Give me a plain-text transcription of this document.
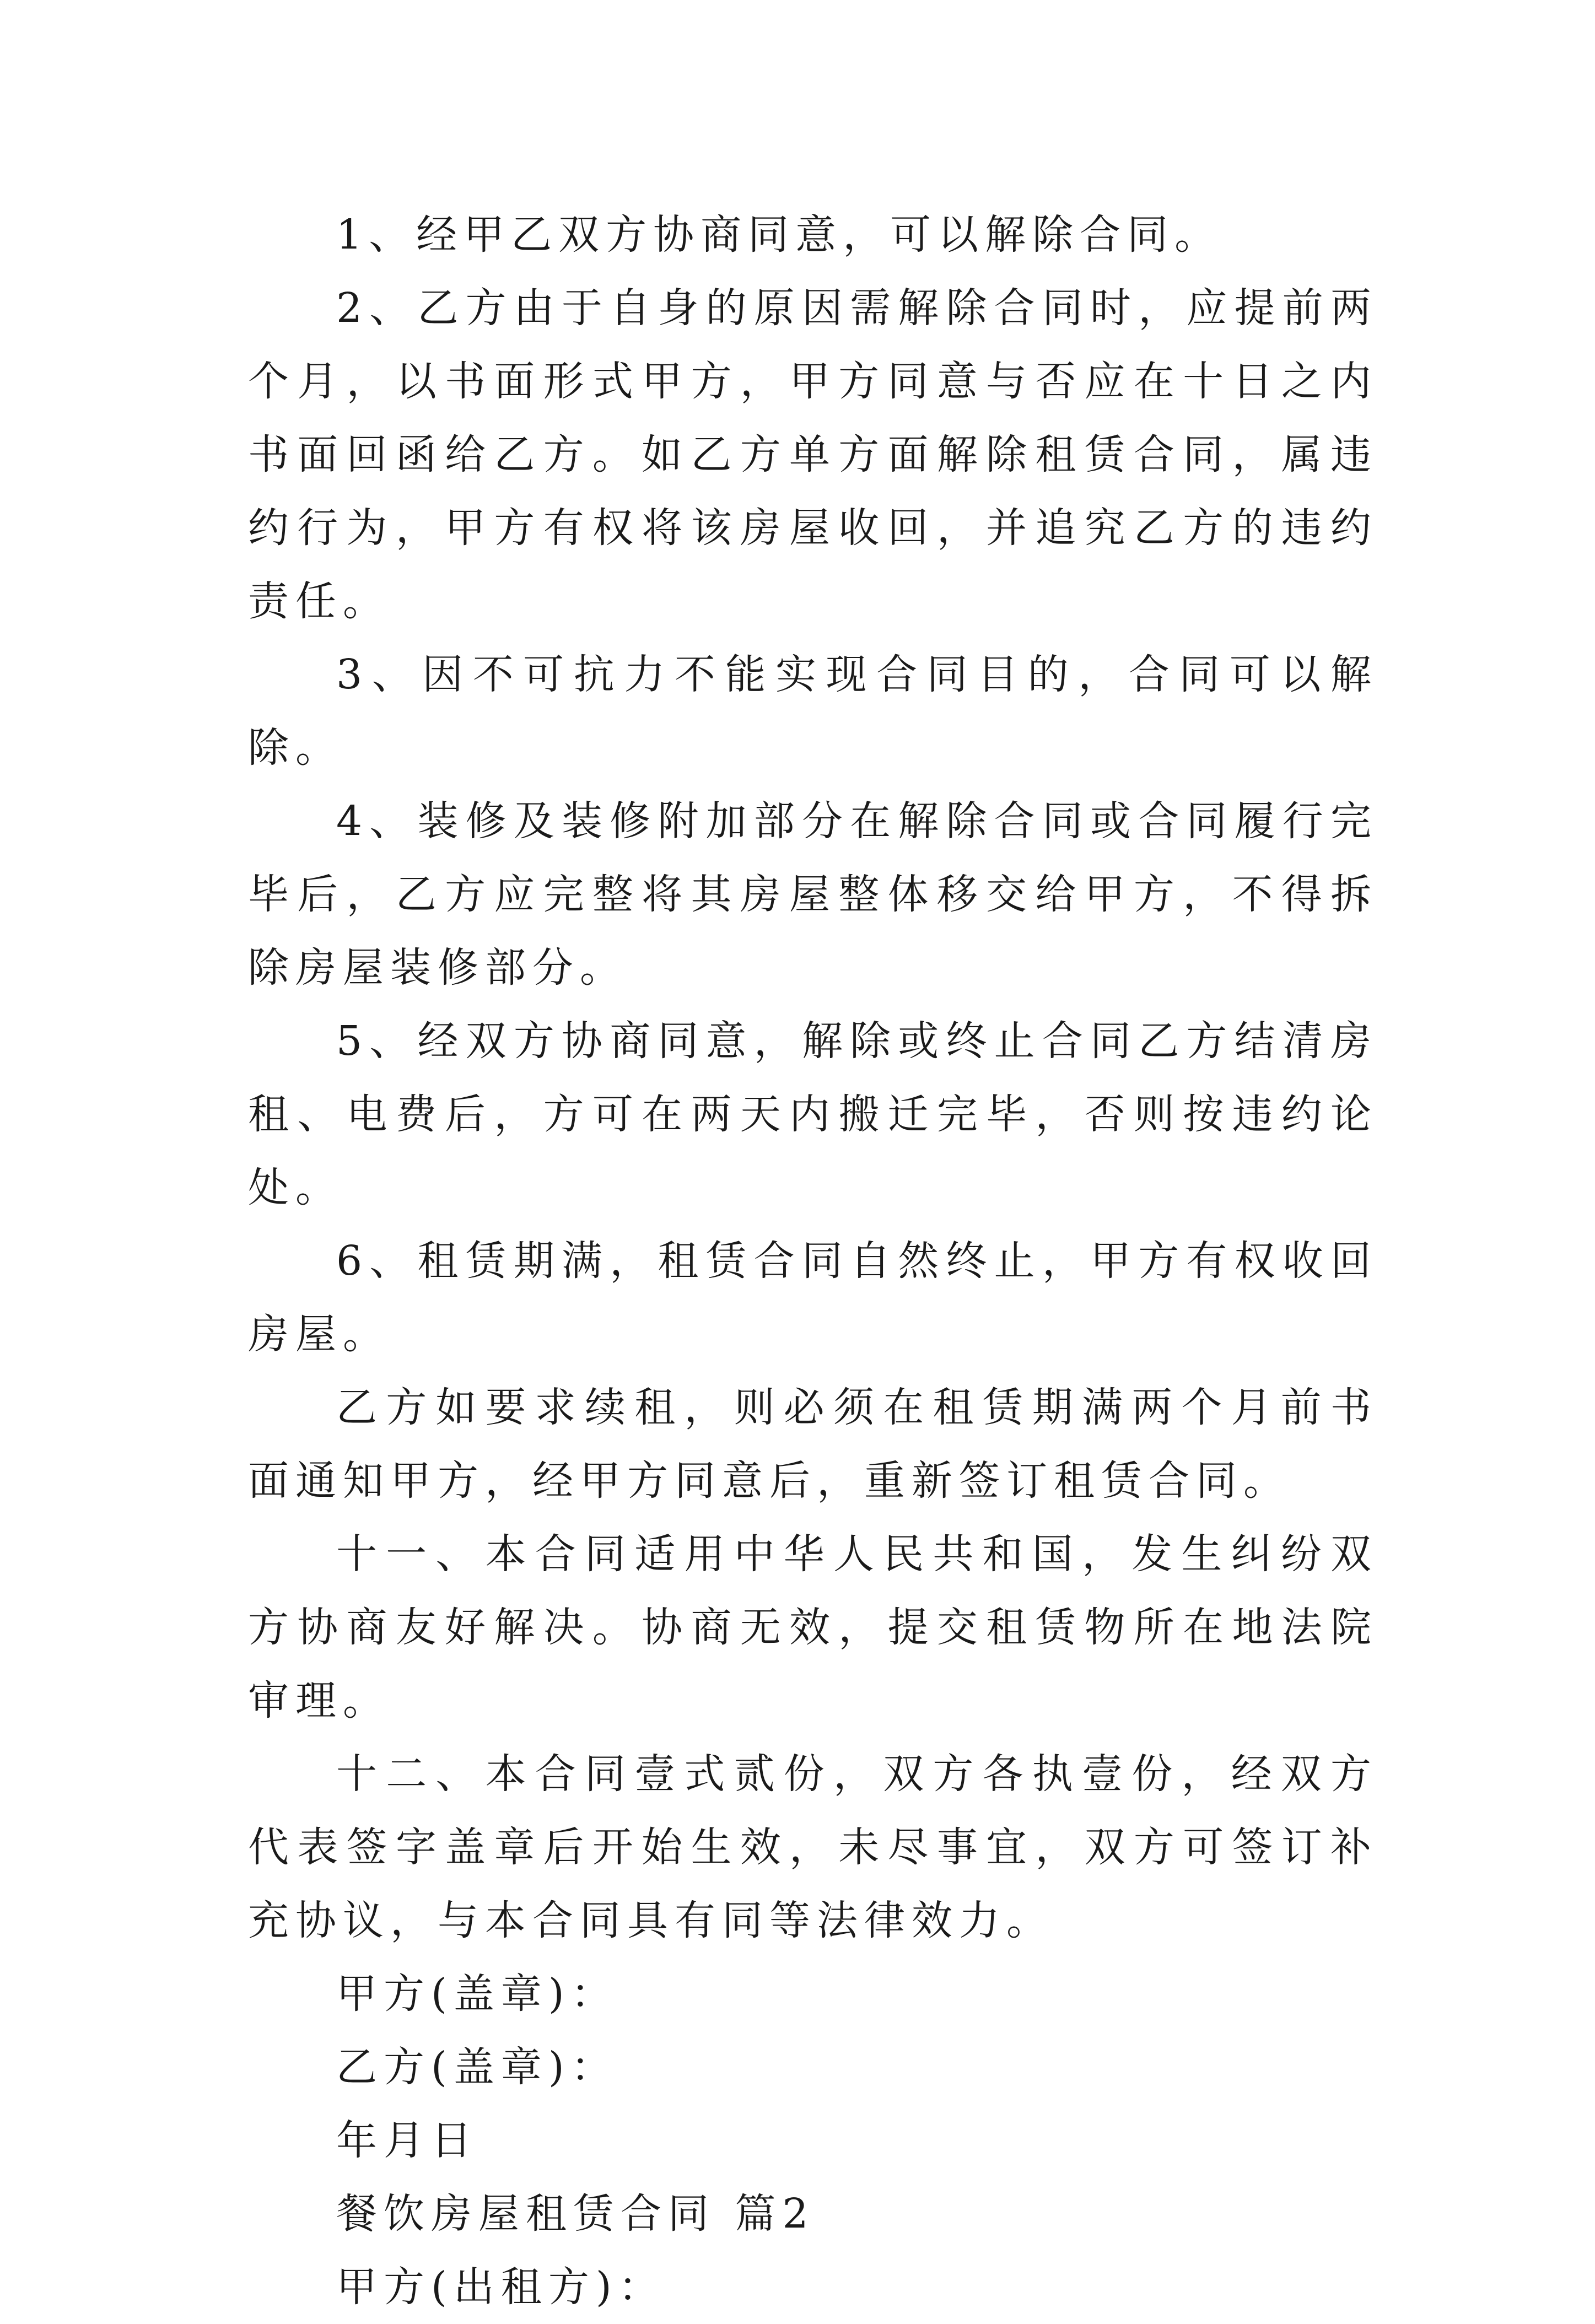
1、经甲乙双方协商同意，可以解除合同。

2、乙方由于自身的原因需解除合同时，应提前两个月，以书面形式甲方，甲方同意与否应在十日之内书面回函给乙方。如乙方单方面解除租赁合同，属违约行为，甲方有权将该房屋收回，并追究乙方的违约责任。

3、因不可抗力不能实现合同目的，合同可以解除。

4、装修及装修附加部分在解除合同或合同履行完毕后，乙方应完整将其房屋整体移交给甲方，不得拆除房屋装修部分。

5、经双方协商同意，解除或终止合同乙方结清房租、电费后，方可在两天内搬迁完毕，否则按违约论处。

6、租赁期满，租赁合同自然终止，甲方有权收回房屋。

乙方如要求续租，则必须在租赁期满两个月前书面通知甲方，经甲方同意后，重新签订租赁合同。

十一、本合同适用中华人民共和国，发生纠纷双方协商友好解决。协商无效，提交租赁物所在地法院审理。

十二、本合同壹式贰份，双方各执壹份，经双方代表签字盖章后开始生效，未尽事宜，双方可签订补充协议，与本合同具有同等法律效力。

甲方(盖章)：

乙方(盖章)：

年月日

餐饮房屋租赁合同 篇2

甲方(出租方)：
